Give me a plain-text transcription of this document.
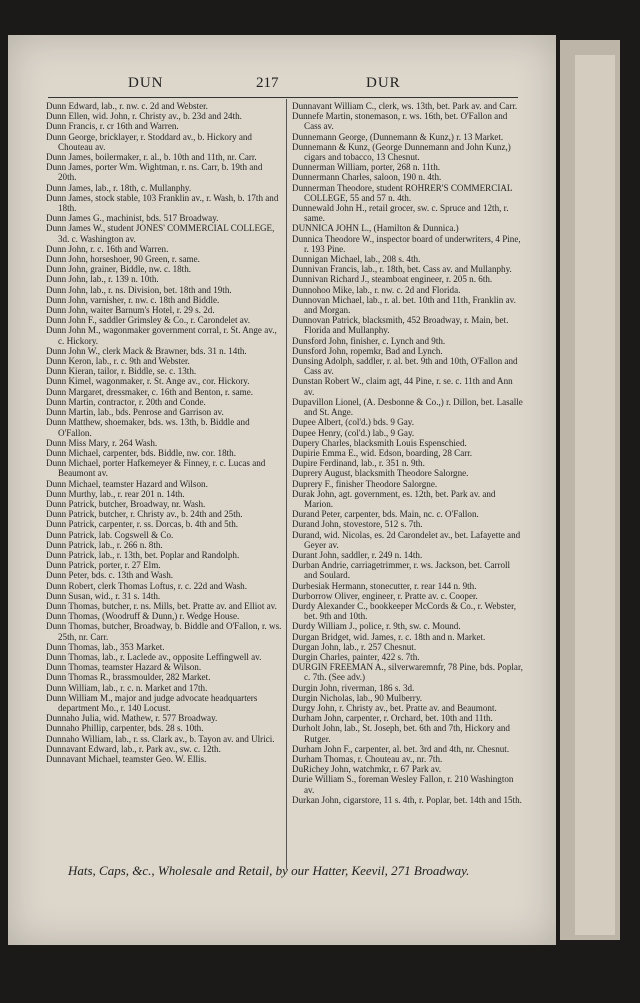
DUN	217	DUR
Dunn Edward, lab., r. nw. c. 2d and Webster.
Dunn Ellen, wid. John, r. Christy av., b. 23d and 24th.
Dunn Francis, r. cr 16th and Warren.
Dunn George, bricklayer, r. Stoddard av., b. Hickory and Chouteau av.
Dunn James, boilermaker, r. al., b. 10th and 11th, nr. Carr.
Dunn James, porter Wm. Wightman, r. ns. Carr, b. 19th and 20th.
Dunn James, lab., r. 18th, c. Mullanphy.
Dunn James, stock stable, 103 Franklin av., r. Wash, b. 17th and 18th.
Dunn James G., machinist, bds. 517 Broadway.
Dunn James W., student JONES' COMMERCIAL COLLEGE, 3d. c. Washington av.
Dunn John, r. c. 16th and Warren.
Dunn John, horseshoer, 90 Green, r. same.
Dunn John, grainer, Biddle, nw. c. 18th.
Dunn John, lab., r. 139 n. 10th.
Dunn John, lab., r. ns. Division, bet. 18th and 19th.
Dunn John, varnisher, r. nw. c. 18th and Biddle.
Dunn John, waiter Barnum's Hotel, r. 29 s. 2d.
Dunn John F., saddler Grimsley & Co., r. Carondelet av.
Dunn John M., wagonmaker government corral, r. St. Ange av., c. Hickory.
Dunn John W., clerk Mack & Brawner, bds. 31 n. 14th.
Dunn Keron, lab., r. c. 9th and Webster.
Dunn Kieran, tailor, r. Biddle, se. c. 13th.
Dunn Kimel, wagonmaker, r. St. Ange av., cor. Hickory.
Dunn Margaret, dressmaker, c. 16th and Benton, r. same.
Dunn Martin, contractor, r. 20th and Conde.
Dunn Martin, lab., bds. Penrose and Garrison av.
Dunn Matthew, shoemaker, bds. ws. 13th, b. Biddle and O'Fallon.
Dunn Miss Mary, r. 264 Wash.
Dunn Michael, carpenter, bds. Biddle, nw. cor. 18th.
Dunn Michael, porter Hafkemeyer & Finney, r. c. Lucas and Beaumont av.
Dunn Michael, teamster Hazard and Wilson.
Dunn Murthy, lab., r. rear 201 n. 14th.
Dunn Patrick, butcher, Broadway, nr. Wash.
Dunn Patrick, butcher, r. Christy av., b. 24th and 25th.
Dunn Patrick, carpenter, r. ss. Dorcas, b. 4th and 5th.
Dunn Patrick, lab. Cogswell & Co.
Dunn Patrick, lab., r. 266 n. 8th.
Dunn Patrick, lab., r. 13th, bet. Poplar and Randolph.
Dunn Patrick, porter, r. 27 Elm.
Dunn Peter, bds. c. 13th and Wash.
Dunn Robert, clerk Thomas Loftus, r. c. 22d and Wash.
Dunn Susan, wid., r. 31 s. 14th.
Dunn Thomas, butcher, r. ns. Mills, bet. Pratte av. and Elliot av.
Dunn Thomas, (Woodruff & Dunn,) r. Wedge House.
Dunn Thomas, butcher, Broadway, b. Biddle and O'Fallon, r. ws. 25th, nr. Carr.
Dunn Thomas, lab., 353 Market.
Dunn Thomas, lab., r. Laclede av., opposite Leffingwell av.
Dunn Thomas, teamster Hazard & Wilson.
Dunn Thomas R., brassmoulder, 282 Market.
Dunn William, lab., r. c. n. Market and 17th.
Dunn William M., major and judge advocate headquarters department Mo., r. 140 Locust.
Dunnaho Julia, wid. Mathew, r. 577 Broadway.
Dunnaho Phillip, carpenter, bds. 28 s. 10th.
Dunnaho William, lab., r. ss. Clark av., b. Tayon av. and Ulrici.
Dunnavant Edward, lab., r. Park av., sw. c. 12th.
Dunnavant Michael, teamster Geo. W. Ellis.
Dunnavant William C., clerk, ws. 13th, bet. Park av. and Carr.
Dunnefe Martin, stonemason, r. ws. 16th, bet. O'Fallon and Cass av.
Dunnemann George, (Dunnemann & Kunz,) r. 13 Market.
Dunnemann & Kunz, (George Dunnemann and John Kunz,) cigars and tobacco, 13 Chesnut.
Dunnerman William, porter, 268 n. 11th.
Dunnermann Charles, saloon, 190 n. 4th.
Dunnerman Theodore, student ROHRER'S COMMERCIAL COLLEGE, 55 and 57 n. 4th.
Dunnewald John H., retail grocer, sw. c. Spruce and 12th, r. same.
DUNNICA JOHN L., (Hamilton & Dunnica.)
Dunnica Theodore W., inspector board of underwriters, 4 Pine, r. 193 Pine.
Dunnigan Michael, lab., 208 s. 4th.
Dunnivan Francis, lab., r. 18th, bet. Cass av. and Mullanphy.
Dunnivan Richard J., steamboat engineer, r. 205 n. 6th.
Dunnohoo Mike, lab., r. nw. c. 2d and Florida.
Dunnovan Michael, lab., r. al. bet. 10th and 11th, Franklin av. and Morgan.
Dunnovan Patrick, blacksmith, 452 Broadway, r. Main, bet. Florida and Mullanphy.
Dunsford John, finisher, c. Lynch and 9th.
Dunsford John, ropemkr, Bad and Lynch.
Dunsing Adolph, saddler, r. al. bet. 9th and 10th, O'Fallon and Cass av.
Dunstan Robert W., claim agt, 44 Pine, r. se. c. 11th and Ann av.
Dupavillon Lionel, (A. Desbonne & Co.,) r. Dillon, bet. Lasalle and St. Ange.
Dupee Albert, (col'd.) bds. 9 Gay.
Dupee Henry, (col'd.) lab., 9 Gay.
Dupery Charles, blacksmith Louis Espenschied.
Dupirie Emma E., wid. Edson, boarding, 28 Carr.
Dupire Ferdinand, lab., r. 351 n. 9th.
Duprery August, blacksmith Theodore Salorgne.
Duprery F., finisher Theodore Salorgne.
Durak John, agt. government, es. 12th, bet. Park av. and Marion.
Durand Peter, carpenter, bds. Main, nc. c. O'Fallon.
Durand John, stovestore, 512 s. 7th.
Durand, wid. Nicolas, es. 2d Carondelet av., bet. Lafayette and Geyer av.
Durant John, saddler, r. 249 n. 14th.
Durban Andrie, carriagetrimmer, r. ws. Jackson, bet. Carroll and Soulard.
Durbesiak Hermann, stonecutter, r. rear 144 n. 9th.
Durborrow Oliver, engineer, r. Pratte av. c. Cooper.
Durdy Alexander C., bookkeeper McCords & Co., r. Webster, bet. 9th and 10th.
Durdy William J., police, r. 9th, sw. c. Mound.
Durgan Bridget, wid. James, r. c. 18th and n. Market.
Durgan John, lab., r. 257 Chesnut.
Durgin Charles, painter, 422 s. 7th.
DURGIN FREEMAN A., silverwaremnfr, 78 Pine, bds. Poplar, c. 7th. (See adv.)
Durgin John, riverman, 186 s. 3d.
Durgin Nicholas, lab., 90 Mulberry.
Durgy John, r. Christy av., bet. Pratte av. and Beaumont.
Durham John, carpenter, r. Orchard, bet. 10th and 11th.
Durholt John, lab., St. Joseph, bet. 6th and 7th, Hickory and Rutger.
Durham John F., carpenter, al. bet. 3rd and 4th, nr. Chesnut.
Durham Thomas, r. Chouteau av., nr. 7th.
DuRichey John, watchmkr, r. 67 Park av.
Durie William S., foreman Wesley Fallon, r. 210 Washington av.
Durkan John, cigarstore, 11 s. 4th, r. Poplar, bet. 14th and 15th.
Hats, Caps, &c., Wholesale and Retail, by our Hatter, Keevil, 271 Broadway.
